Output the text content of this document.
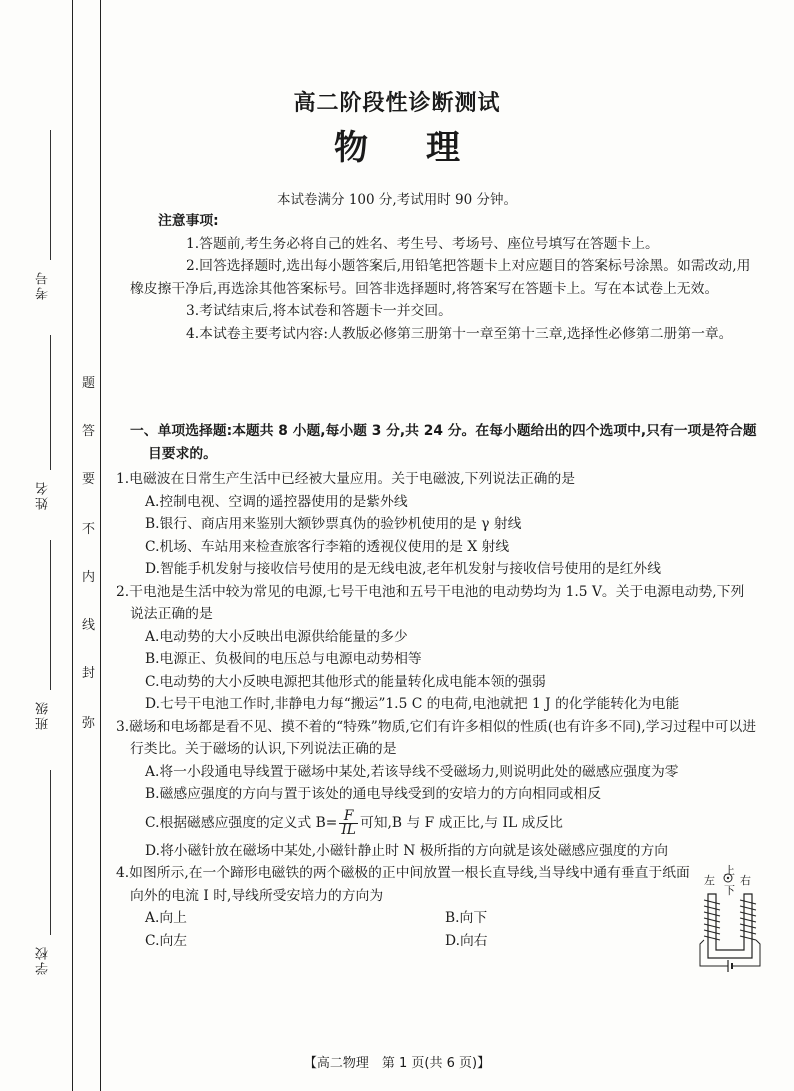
考号
姓名
班级
学校
题
答
要
不
内
线
封
弥
高二阶段性诊断测试
物 理
本试卷满分 100 分,考试用时 90 分钟。

注意事项:

1.答题前,考生务必将自己的姓名、考生号、考场号、座位号填写在答题卡上。

2.回答选择题时,选出每小题答案后,用铅笔把答题卡上对应题目的答案标号涂黑。如需改动,用橡皮擦干净后,再选涂其他答案标号。回答非选择题时,将答案写在答题卡上。写在本试卷上无效。

3.考试结束后,将本试卷和答题卡一并交回。

4.本试卷主要考试内容:人教版必修第三册第十一章至第十三章,选择性必修第二册第一章。

一、单项选择题:本题共 8 小题,每小题 3 分,共 24 分。在每小题给出的四个选项中,只有一项是符合题目要求的。

1.电磁波在日常生产生活中已经被大量应用。关于电磁波,下列说法正确的是

A.控制电视、空调的遥控器使用的是紫外线

B.银行、商店用来鉴别大额钞票真伪的验钞机使用的是 γ 射线

C.机场、车站用来检查旅客行李箱的透视仪使用的是 X 射线

D.智能手机发射与接收信号使用的是无线电波,老年机发射与接收信号使用的是红外线

2.干电池是生活中较为常见的电源,七号干电池和五号干电池的电动势均为 1.5 V。关于电源电动势,下列说法正确的是

A.电动势的大小反映出电源供给能量的多少

B.电源正、负极间的电压总与电源电动势相等

C.电动势的大小反映电源把其他形式的能量转化成电能本领的强弱

D.七号干电池工作时,非静电力每“搬运”1.5 C 的电荷,电池就把 1 J 的化学能转化为电能

3.磁场和电场都是看不见、摸不着的“特殊”物质,它们有许多相似的性质(也有许多不同),学习过程中可以进行类比。关于磁场的认识,下列说法正确的是

A.将一小段通电导线置于磁场中某处,若该导线不受磁场力,则说明此处的磁感应强度为零

B.磁感应强度的方向与置于该处的通电导线受到的安培力的方向相同或相反

C.根据磁感应强度的定义式 $B= \frac{F}{IL}$ 可知,B 与 F 成正比,与 IL 成反比

D.将小磁针放在磁场中某处,小磁针静止时 N 极所指的方向就是该处磁感应强度的方向

4.如图所示,在一个蹄形电磁铁的两个磁极的正中间放置一根长直导线,当导线中通有垂直于纸面向外的电流 I 时,导线所受安培力的方向为

A.向上	B.向下

C.向左	D.向右

上
左 右
下
【高二物理　第 1 页(共 6 页)】
